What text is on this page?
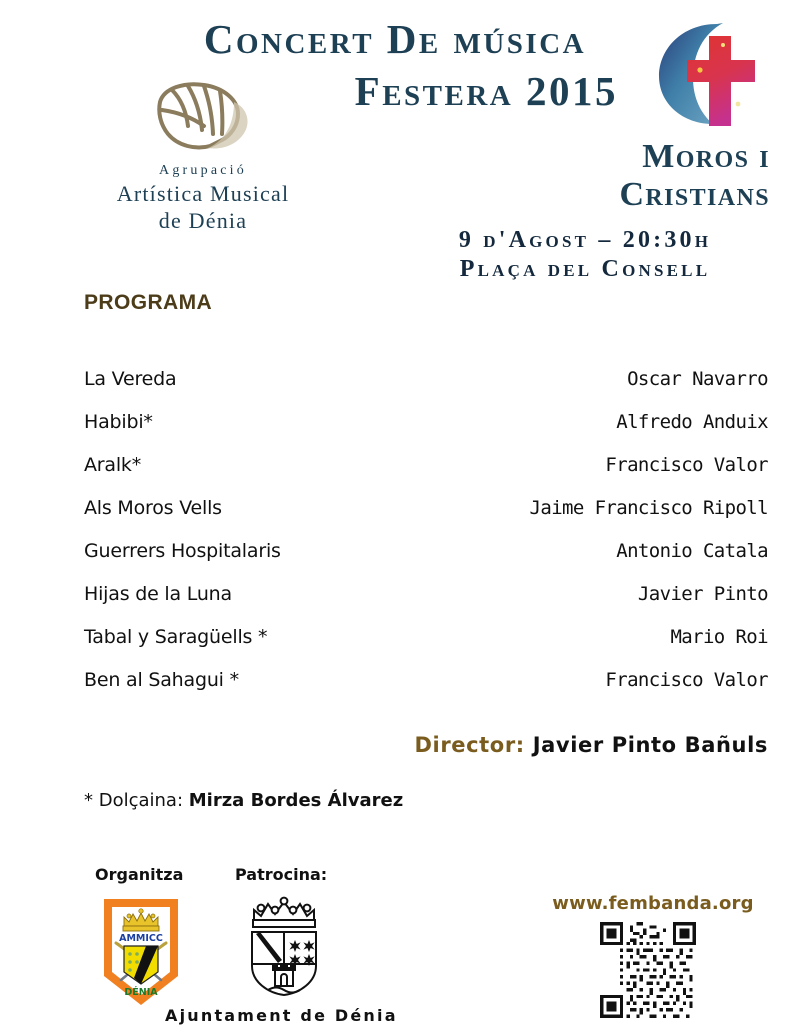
Concert De música
Festera 2015
Agrupació
Artística Musical
de Dénia
Moros i
Cristians
9 d'Agost – 20:30h
Plaça del Consell
PROGRAMA
La Vereda	Oscar Navarro
Habibi*	Alfredo Anduix
Aralk*	Francisco Valor
Als Moros Vells	Jaime Francisco Ripoll
Guerrers Hospitalaris	Antonio Catala
Hijas de la Luna	Javier Pinto
Tabal y Saragüells *	Mario Roi
Ben al Sahagui *	Francisco Valor
Director: Javier Pinto Bañuls
* Dolçaina: Mirza Bordes Álvarez
Organitza	Patrocina:
AMMICC
DÉNIA
Ajuntament de Dénia
www.fembanda.org
